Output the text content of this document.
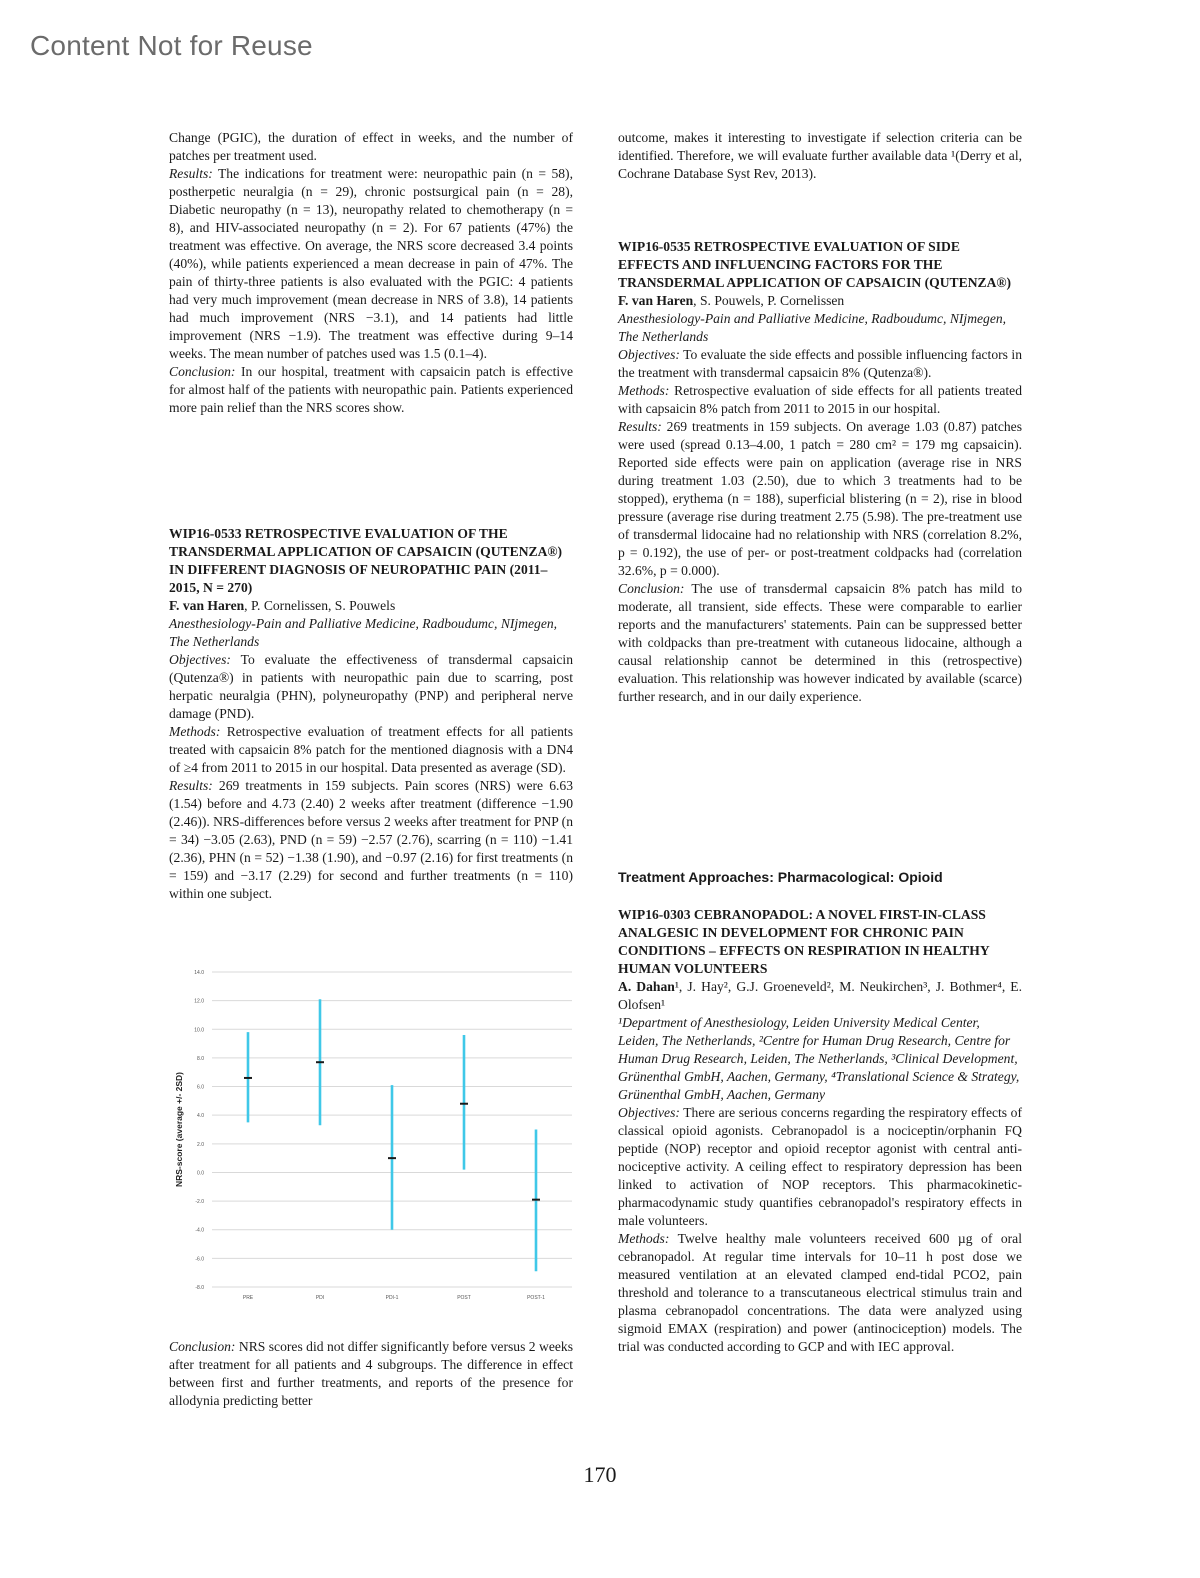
Content Not for Reuse

Change (PGIC), the duration of effect in weeks, and the number of patches per treatment used.

Results: The indications for treatment were: neuropathic pain (n = 58), postherpetic neuralgia (n = 29), chronic postsurgical pain (n = 28), Diabetic neuropathy (n = 13), neuropathy related to chemotherapy (n = 8), and HIV-associated neuropathy (n = 2). For 67 patients (47%) the treatment was effective. On average, the NRS score decreased 3.4 points (40%), while patients experienced a mean decrease in pain of 47%. The pain of thirty-three patients is also evaluated with the PGIC: 4 patients had very much improvement (mean decrease in NRS of 3.8), 14 patients had much improvement (NRS −3.1), and 14 patients had little improvement (NRS −1.9). The treatment was effective during 9–14 weeks. The mean number of patches used was 1.5 (0.1–4).

Conclusion: In our hospital, treatment with capsaicin patch is effective for almost half of the patients with neuropathic pain. Patients experienced more pain relief than the NRS scores show.

WIP16-0533 RETROSPECTIVE EVALUATION OF THE TRANSDERMAL APPLICATION OF CAPSAICIN (QUTENZA®) IN DIFFERENT DIAGNOSIS OF NEUROPATHIC PAIN (2011–2015, N = 270)

F. van Haren, P. Cornelissen, S. Pouwels

Anesthesiology-Pain and Palliative Medicine, Radboudumc, NIjmegen, The Netherlands

Objectives: To evaluate the effectiveness of transdermal capsaicin (Qutenza®) in patients with neuropathic pain due to scarring, post herpatic neuralgia (PHN), polyneuropathy (PNP) and peripheral nerve damage (PND).

Methods: Retrospective evaluation of treatment effects for all patients treated with capsaicin 8% patch for the mentioned diagnosis with a DN4 of ≥4 from 2011 to 2015 in our hospital. Data presented as average (SD).

Results: 269 treatments in 159 subjects. Pain scores (NRS) were 6.63 (1.54) before and 4.73 (2.40) 2 weeks after treatment (difference −1.90 (2.46)). NRS-differences before versus 2 weeks after treatment for PNP (n = 34) −3.05 (2.63), PND (n = 59) −2.57 (2.76), scarring (n = 110) −1.41 (2.36), PHN (n = 52) −1.38 (1.90), and −0.97 (2.16) for first treatments (n = 159) and −3.17 (2.29) for second and further treatments (n = 110) within one subject.

14.0
12.0
10.0
8.0
6.0
4.0
2.0
0.0
-2.0
-4.0
-6.0
-8.0
NRS-score (average +/- 2SD)
PRE	PDI	PDI-1	POST	POST-1

Conclusion: NRS scores did not differ significantly before versus 2 weeks after treatment for all patients and 4 subgroups. The difference in effect between first and further treatments, and reports of the presence for allodynia predicting better

outcome, makes it interesting to investigate if selection criteria can be identified. Therefore, we will evaluate further available data ¹(Derry et al, Cochrane Database Syst Rev, 2013).

WIP16-0535 RETROSPECTIVE EVALUATION OF SIDE EFFECTS AND INFLUENCING FACTORS FOR THE TRANSDERMAL APPLICATION OF CAPSAICIN (QUTENZA®)

F. van Haren, S. Pouwels, P. Cornelissen

Anesthesiology-Pain and Palliative Medicine, Radboudumc, NIjmegen, The Netherlands

Objectives: To evaluate the side effects and possible influencing factors in the treatment with transdermal capsaicin 8% (Qutenza®).

Methods: Retrospective evaluation of side effects for all patients treated with capsaicin 8% patch from 2011 to 2015 in our hospital.

Results: 269 treatments in 159 subjects. On average 1.03 (0.87) patches were used (spread 0.13–4.00, 1 patch = 280 cm² = 179 mg capsaicin). Reported side effects were pain on application (average rise in NRS during treatment 1.03 (2.50), due to which 3 treatments had to be stopped), erythema (n = 188), superficial blistering (n = 2), rise in blood pressure (average rise during treatment 2.75 (5.98). The pre-treatment use of transdermal lidocaine had no relationship with NRS (correlation 8.2%, p = 0.192), the use of per- or post-treatment coldpacks had (correlation 32.6%, p = 0.000).

Conclusion: The use of transdermal capsaicin 8% patch has mild to moderate, all transient, side effects. These were comparable to earlier reports and the manufacturers' statements. Pain can be suppressed better with coldpacks than pre-treatment with cutaneous lidocaine, although a causal relationship cannot be determined in this (retrospective) evaluation. This relationship was however indicated by available (scarce) further research, and in our daily experience.

Treatment Approaches: Pharmacological: Opioid

WIP16-0303 CEBRANOPADOL: A NOVEL FIRST-IN-CLASS ANALGESIC IN DEVELOPMENT FOR CHRONIC PAIN CONDITIONS – EFFECTS ON RESPIRATION IN HEALTHY HUMAN VOLUNTEERS

A. Dahan¹, J. Hay², G.J. Groeneveld², M. Neukirchen³, J. Bothmer⁴, E. Olofsen¹

¹Department of Anesthesiology, Leiden University Medical Center, Leiden, The Netherlands, ²Centre for Human Drug Research, Centre for Human Drug Research, Leiden, The Netherlands, ³Clinical Development, Grünenthal GmbH, Aachen, Germany, ⁴Translational Science & Strategy, Grünenthal GmbH, Aachen, Germany

Objectives: There are serious concerns regarding the respiratory effects of classical opioid agonists. Cebranopadol is a nociceptin/orphanin FQ peptide (NOP) receptor and opioid receptor agonist with central anti-nociceptive activity. A ceiling effect to respiratory depression has been linked to activation of NOP receptors. This pharmacokinetic-pharmacodynamic study quantifies cebranopadol's respiratory effects in male volunteers.

Methods: Twelve healthy male volunteers received 600 µg of oral cebranopadol. At regular time intervals for 10–11 h post dose we measured ventilation at an elevated clamped end-tidal PCO2, pain threshold and tolerance to a transcutaneous electrical stimulus train and plasma cebranopadol concentrations. The data were analyzed using sigmoid EMAX (respiration) and power (antinociception) models. The trial was conducted according to GCP and with IEC approval.

170
